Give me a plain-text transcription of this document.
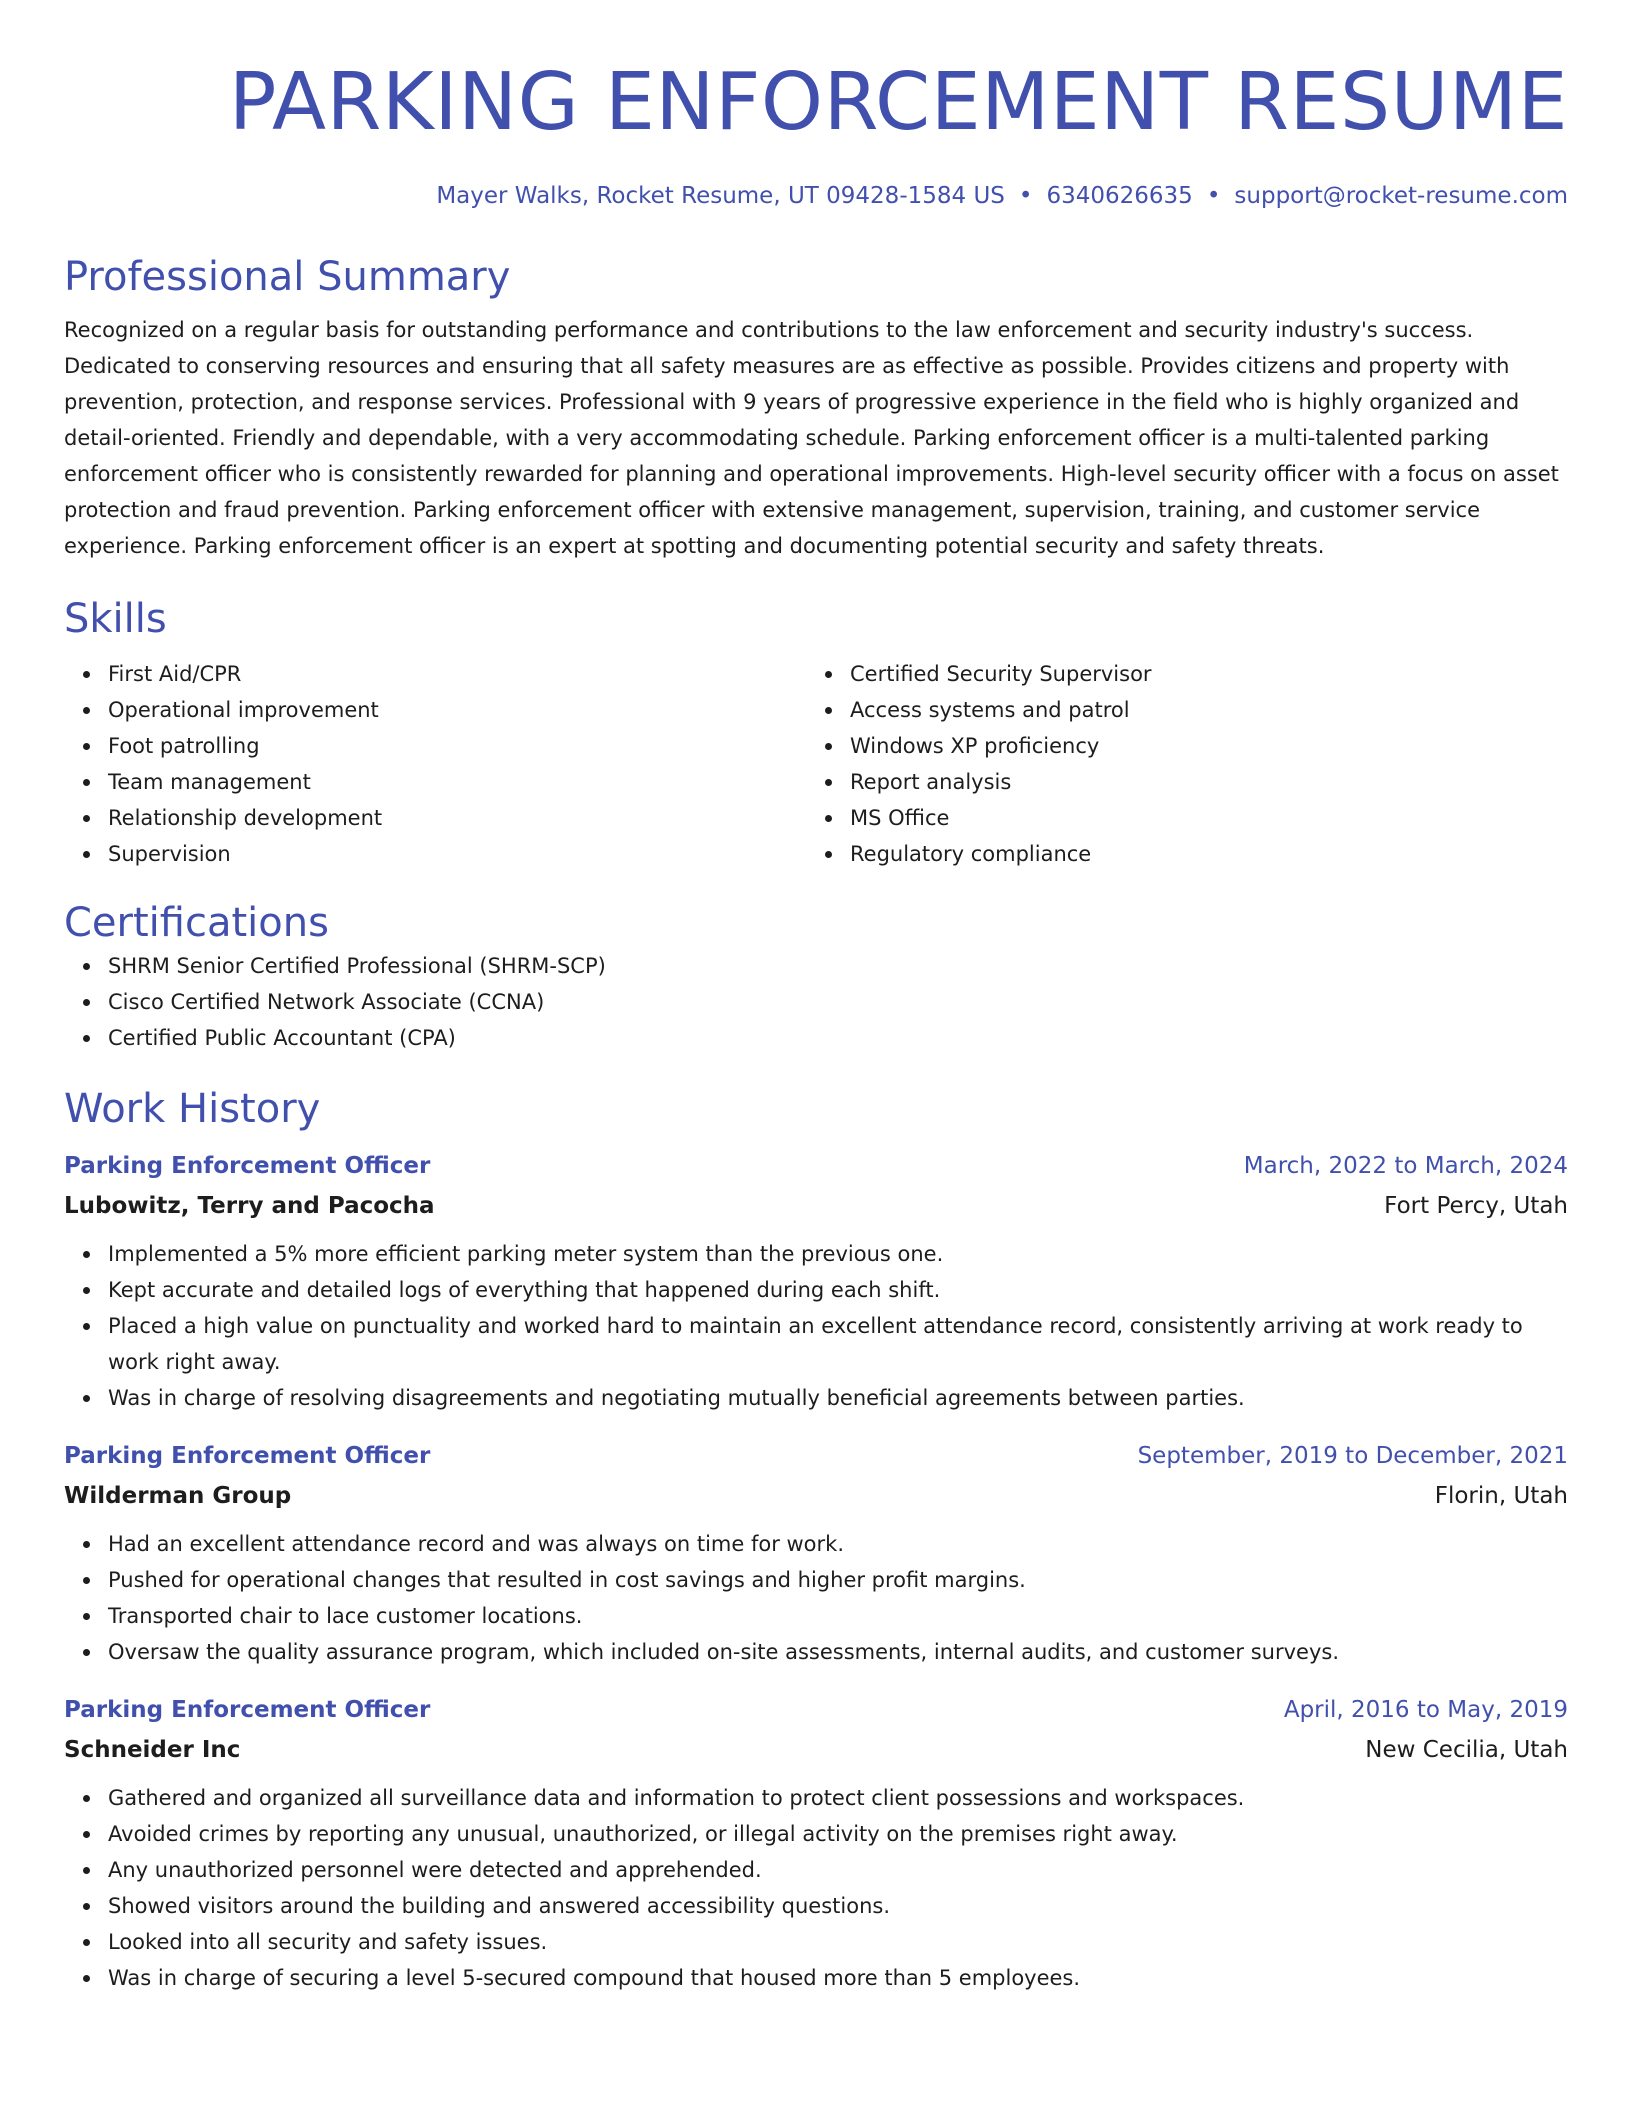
PARKING ENFORCEMENT RESUME
Mayer Walks, Rocket Resume, UT 09428-1584 US • 6340626635 • support@rocket-resume.com
Professional Summary
Recognized on a regular basis for outstanding performance and contributions to the law enforcement and security industry's success. Dedicated to conserving resources and ensuring that all safety measures are as effective as possible. Provides citizens and property with prevention, protection, and response services. Professional with 9 years of progressive experience in the field who is highly organized and detail-oriented. Friendly and dependable, with a very accommodating schedule. Parking enforcement officer is a multi-talented parking enforcement officer who is consistently rewarded for planning and operational improvements. High-level security officer with a focus on asset protection and fraud prevention. Parking enforcement officer with extensive management, supervision, training, and customer service experience. Parking enforcement officer is an expert at spotting and documenting potential security and safety threats.
Skills
First Aid/CPR
Operational improvement
Foot patrolling
Team management
Relationship development
Supervision
Certified Security Supervisor
Access systems and patrol
Windows XP proficiency
Report analysis
MS Office
Regulatory compliance
Certifications
SHRM Senior Certified Professional (SHRM-SCP)
Cisco Certified Network Associate (CCNA)
Certified Public Accountant (CPA)
Work History
Parking Enforcement Officer	March, 2022 to March, 2024
Lubowitz, Terry and Pacocha	Fort Percy, Utah
Implemented a 5% more efficient parking meter system than the previous one.
Kept accurate and detailed logs of everything that happened during each shift.
Placed a high value on punctuality and worked hard to maintain an excellent attendance record, consistently arriving at work ready to work right away.
Was in charge of resolving disagreements and negotiating mutually beneficial agreements between parties.
Parking Enforcement Officer	September, 2019 to December, 2021
Wilderman Group	Florin, Utah
Had an excellent attendance record and was always on time for work.
Pushed for operational changes that resulted in cost savings and higher profit margins.
Transported chair to lace customer locations.
Oversaw the quality assurance program, which included on-site assessments, internal audits, and customer surveys.
Parking Enforcement Officer	April, 2016 to May, 2019
Schneider Inc	New Cecilia, Utah
Gathered and organized all surveillance data and information to protect client possessions and workspaces.
Avoided crimes by reporting any unusual, unauthorized, or illegal activity on the premises right away.
Any unauthorized personnel were detected and apprehended.
Showed visitors around the building and answered accessibility questions.
Looked into all security and safety issues.
Was in charge of securing a level 5-secured compound that housed more than 5 employees.
